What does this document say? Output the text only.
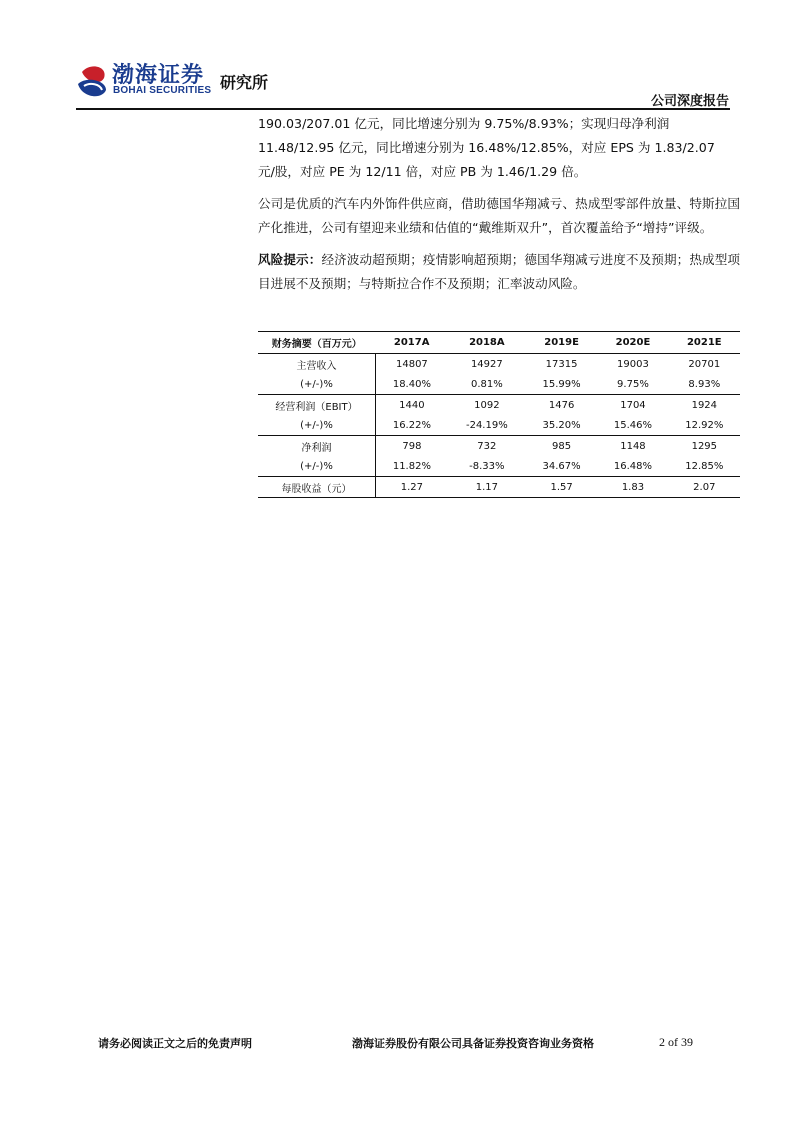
渤海证券
BOHAI SECURITIES 研究所
公司深度报告

190.03/207.01 亿元，同比增速分别为 9.75%/8.93%；实现归母净利润

11.48/12.95 亿元，同比增速分别为 16.48%/12.85%，对应 EPS 为 1.83/2.07

元/股，对应 PE 为 12/11 倍，对应 PB 为 1.46/1.29 倍。

公司是优质的汽车内外饰件供应商，借助德国华翔减亏、热成型零部件放量、特斯拉国产化推进，公司有望迎来业绩和估值的“戴维斯双升”，首次覆盖给予“增持”评级。

风险提示：经济波动超预期；疫情影响超预期；德国华翔减亏进度不及预期；热成型项目进展不及预期；与特斯拉合作不及预期；汇率波动风险。

财务摘要（百万元）	2017A	2018A	2019E	2020E	2021E
主营收入	14807	14927	17315	19003	20701
(+/-)%	18.40%	0.81%	15.99%	9.75%	8.93%
经营利润（EBIT）	1440	1092	1476	1704	1924
(+/-)%	16.22%	-24.19%	35.20%	15.46%	12.92%
净利润	798	732	985	1148	1295
(+/-)%	11.82%	-8.33%	34.67%	16.48%	12.85%
每股收益（元）	1.27	1.17	1.57	1.83	2.07
请务必阅读正文之后的免责声明	渤海证券股份有限公司具备证券投资咨询业务资格	2 of 39
